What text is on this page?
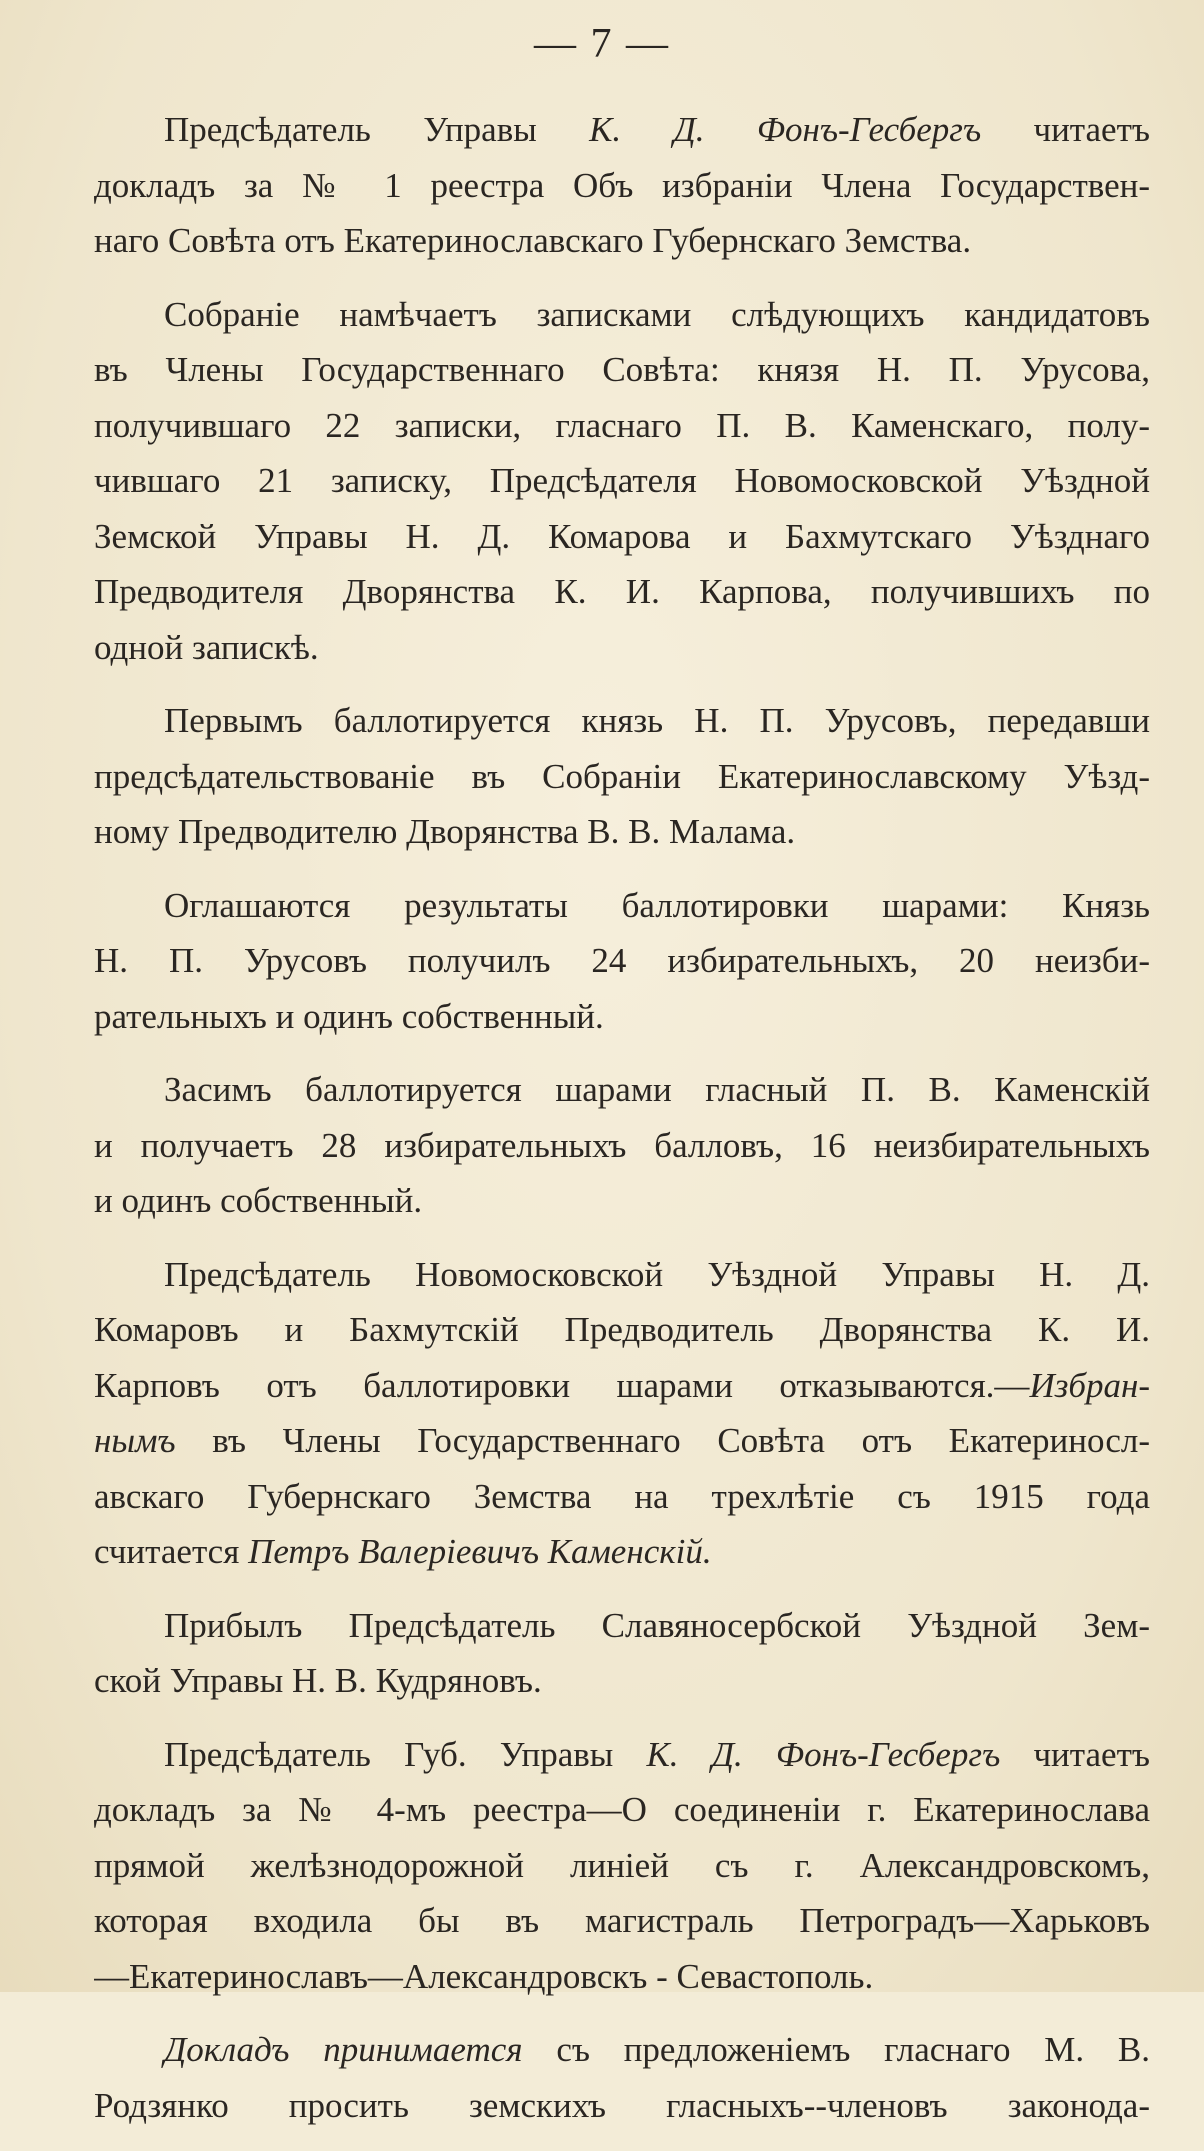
— 7 —
Предсѣдатель Управы К. Д. Фонъ-Гесбергъ читаетъ
докладъ за № 1 реестра Объ избраніи Члена Государствен-
наго Совѣта отъ Екатеринославскаго Губернскаго Земства.
Собраніе намѣчаетъ записками слѣдующихъ кандидатовъ
въ Члены Государственнаго Совѣта: князя Н. П. Урусова,
получившаго 22 записки, гласнаго П. В. Каменскаго, полу-
чившаго 21 записку, Предсѣдателя Новомосковской Уѣздной
Земской Управы Н. Д. Комарова и Бахмутскаго Уѣзднаго
Предводителя Дворянства К. И. Карпова, получившихъ по
одной запискѣ.
Первымъ баллотируется князь Н. П. Урусовъ, передавши
предсѣдательствованіе въ Собраніи Екатеринославскому Уѣзд-
ному Предводителю Дворянства В. В. Малама.
Оглашаются результаты баллотировки шарами: Князь
Н. П. Урусовъ получилъ 24 избирательныхъ, 20 неизби-
рательныхъ и одинъ собственный.
Засимъ баллотируется шарами гласный П. В. Каменскій
и получаетъ 28 избирательныхъ балловъ, 16 неизбирательныхъ
и одинъ собственный.
Предсѣдатель Новомосковской Уѣздной Управы Н. Д.
Комаровъ и Бахмутскій Предводитель Дворянства К. И.
Карповъ отъ баллотировки шарами отказываются.—Избран-
нымъ въ Члены Государственнаго Совѣта отъ Екатериносл-
авскаго Губернскаго Земства на трехлѣтіе съ 1915 года
считается Петръ Валеріевичъ Каменскій.
Прибылъ Предсѣдатель Славяносербской Уѣздной Зем-
ской Управы Н. В. Кудряновъ.
Предсѣдатель Губ. Управы К. Д. Фонъ-Гесбергъ читаетъ
докладъ за № 4-мъ реестра—О соединеніи г. Екатеринослава
прямой желѣзнодорожной линіей съ г. Александровскомъ,
которая входила бы въ магистраль Петроградъ—Харьковъ
—Екатеринославъ—Александровскъ - Севастополь.
Докладъ принимается съ предложеніемъ гласнаго М. В.
Родзянко просить земскихъ гласныхъ--членовъ законода-
